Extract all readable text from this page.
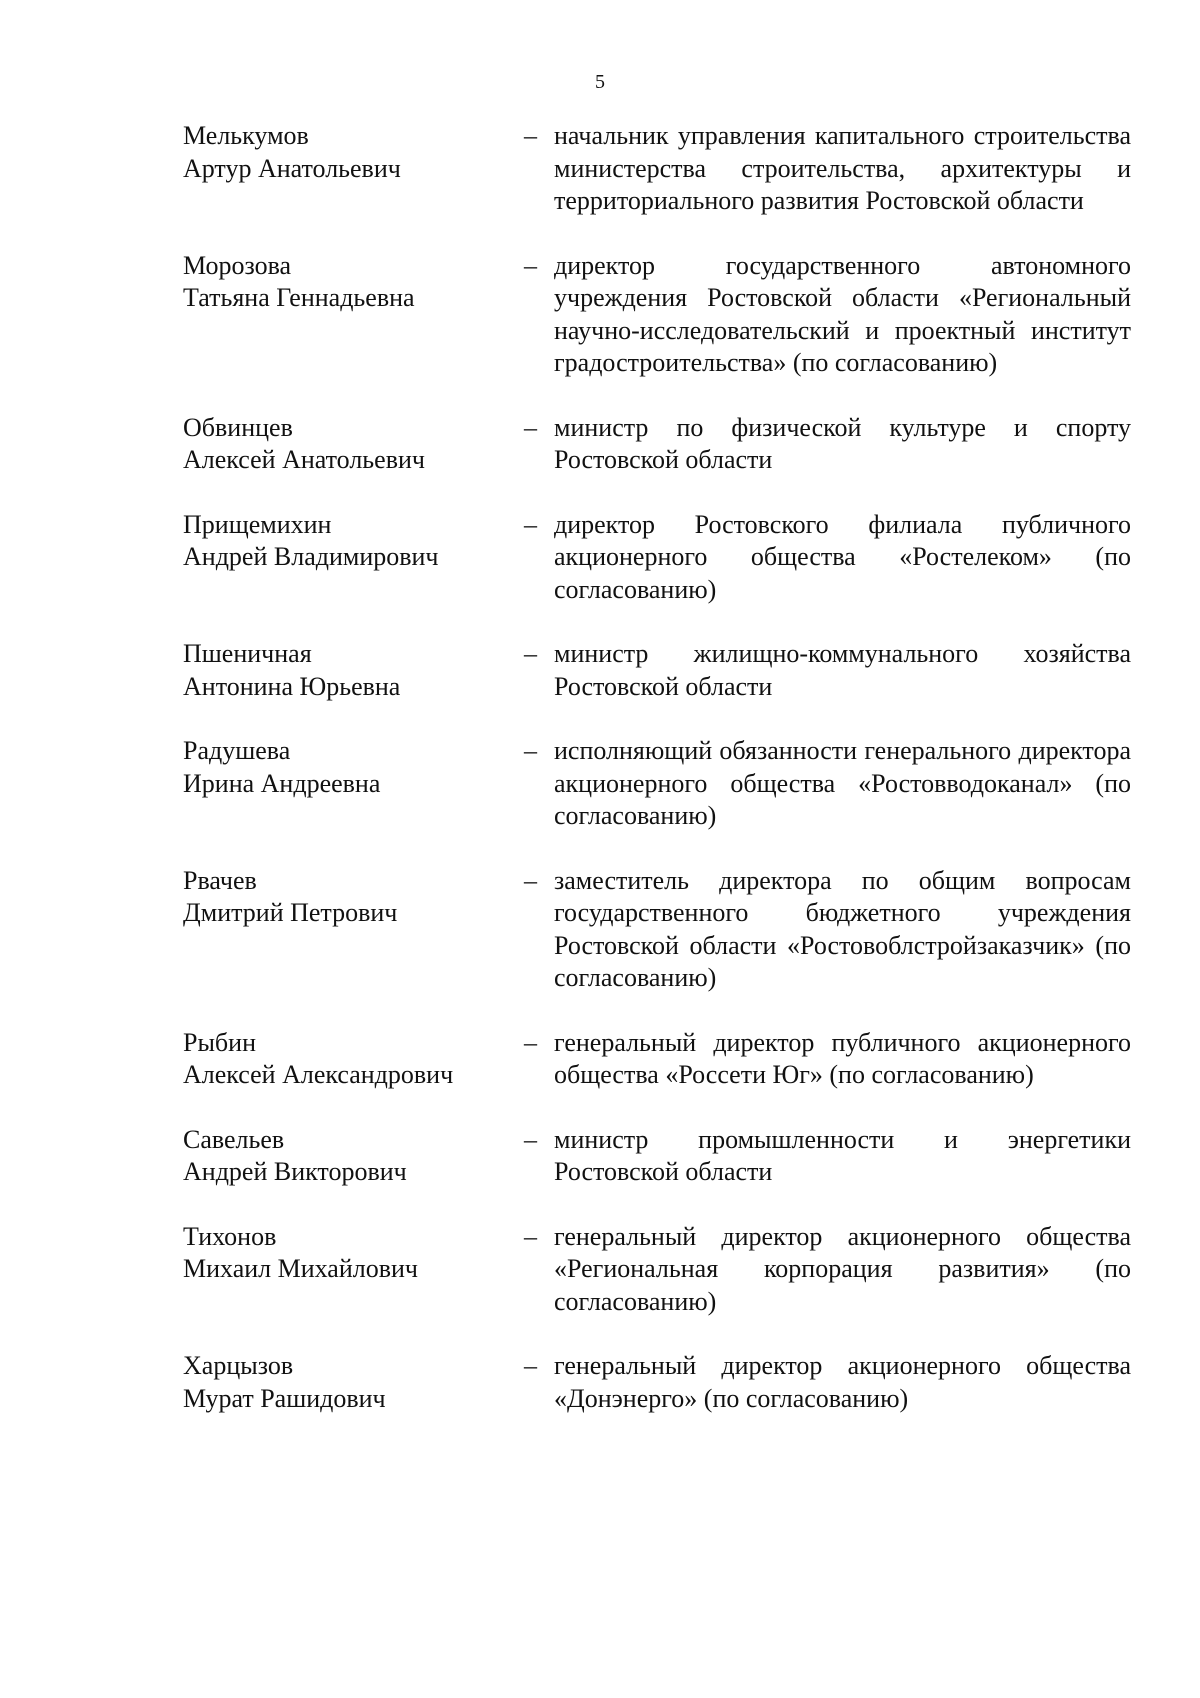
5
Мелькумов
Артур Анатольевич
– начальник управления капитального строительства министерства строительства, архитектуры и территориального развития Ростовской области
Морозова
Татьяна Геннадьевна
– директор государственного автономного учреждения Ростовской области «Региональный научно-исследовательский и проектный институт градостроительства» (по согласованию)
Обвинцев
Алексей Анатольевич
– министр по физической культуре и спорту Ростовской области
Прищемихин
Андрей Владимирович
– директор Ростовского филиала публичного акционерного общества «Ростелеком» (по согласованию)
Пшеничная
Антонина Юрьевна
– министр жилищно-коммунального хозяйства Ростовской области
Радушева
Ирина Андреевна
– исполняющий обязанности генерального директора акционерного общества «Ростовводоканал» (по согласованию)
Рвачев
Дмитрий Петрович
– заместитель директора по общим вопросам государственного бюджетного учреждения Ростовской области «Ростовоблстройзаказчик» (по согласованию)
Рыбин
Алексей Александрович
– генеральный директор публичного акционерного общества «Россети Юг» (по согласованию)
Савельев
Андрей Викторович
– министр промышленности и энергетики Ростовской области
Тихонов
Михаил Михайлович
– генеральный директор акционерного общества «Региональная корпорация развития» (по согласованию)
Харцызов
Мурат Рашидович
– генеральный директор акционерного общества «Донэнерго» (по согласованию)
